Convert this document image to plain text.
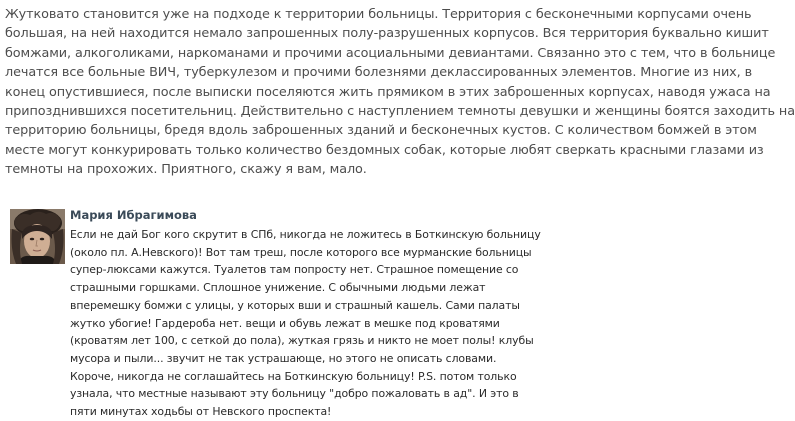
Жутковато становится уже на подходе к территории больницы. Территория с бесконечными корпусами очень
большая, на ней находится немало запрошенных полу-разрушенных корпусов. Вся территория буквально кишит
бомжами, алкоголиками, наркоманами и прочими асоциальными девиантами. Связанно это с тем, что в больнице
лечатся все больные ВИЧ, туберкулезом и прочими болезнями деклассированных элементов. Многие из них, в
конец опустившиеся, после выписки поселяются жить прямиком в этих заброшенных корпусах, наводя ужаса на
припозднившихся посетительниц. Действительно с наступлением темноты девушки и женщины боятся заходить на
территорию больницы, бредя вдоль заброшенных зданий и бесконечных кустов. С количеством бомжей в этом
месте могут конкурировать только количество бездомных собак, которые любят сверкать красными глазами из
темноты на прохожих. Приятного, скажу я вам, мало.
Мария Ибрагимова
Если не дай Бог кого скрутит в СПб, никогда не ложитесь в Боткинскую больницу
(около пл. А.Невского)! Вот там треш, после которого все мурманские больницы
супер-люксами кажутся. Туалетов там попросту нет. Страшное помещение со
страшными горшками. Сплошное унижение. С обычными людьми лежат
вперемешку бомжи с улицы, у которых вши и страшный кашель. Сами палаты
жутко убогие! Гардероба нет. вещи и обувь лежат в мешке под кроватями
(кроватям лет 100, с сеткой до пола), жуткая грязь и никто не моет полы! клубы
мусора и пыли... звучит не так устрашающе, но этого не описать словами.
Короче, никогда не соглашайтесь на Боткинскую больницу! P.S. потом только
узнала, что местные называют эту больницу "добро пожаловать в ад". И это в
пяти минутах ходьбы от Невского проспекта!
